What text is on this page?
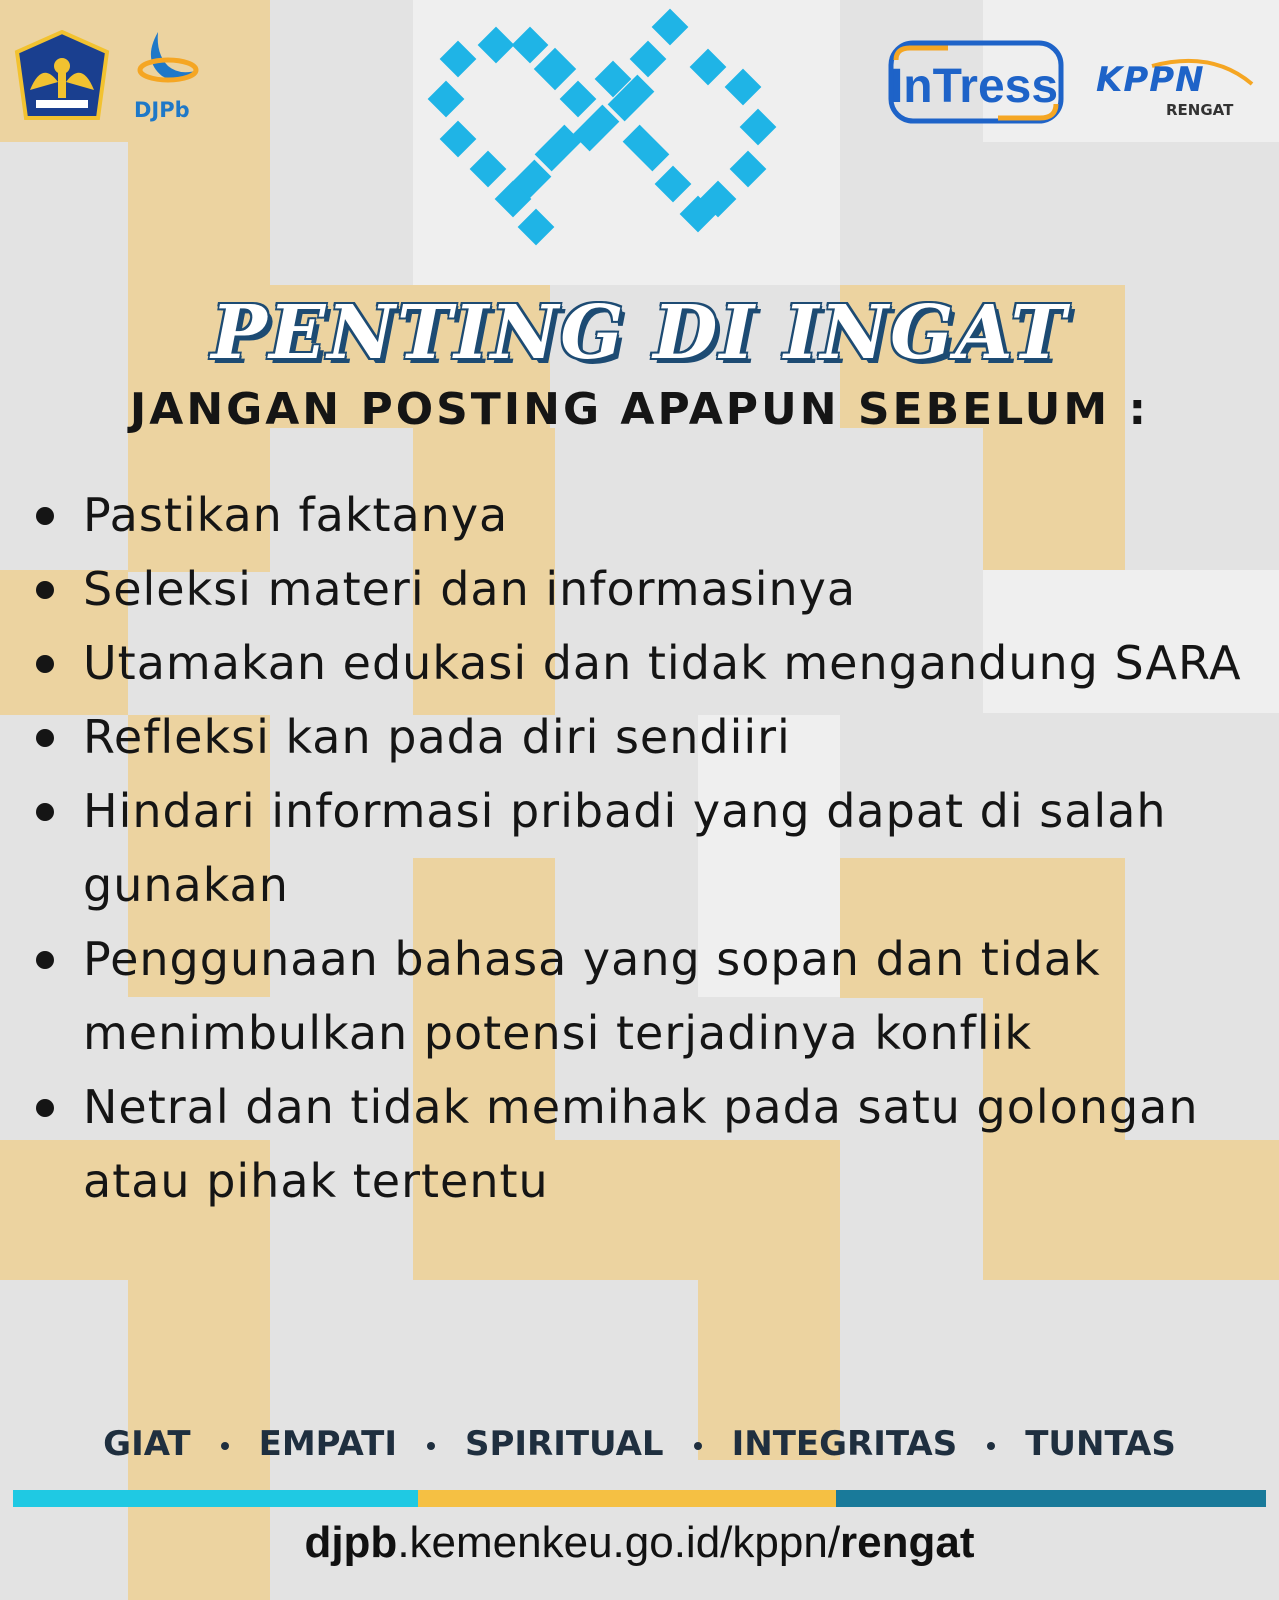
DJPb	InTress KPPN
RENGAT
PENTING DI INGAT
JANGAN POSTING APAPUN SEBELUM :
Pastikan faktanya
Seleksi materi dan informasinya
Utamakan edukasi dan tidak mengandung SARA
Refleksi kan pada diri sendiiri
Hindari informasi pribadi yang dapat di salah gunakan
Penggunaan bahasa yang sopan dan tidak menimbulkan potensi terjadinya konflik
Netral dan tidak memihak pada satu golongan atau pihak tertentu
GIAT EMPATI SPIRITUAL INTEGRITAS TUNTAS
djpb.kemenkeu.go.id/kppn/rengat
